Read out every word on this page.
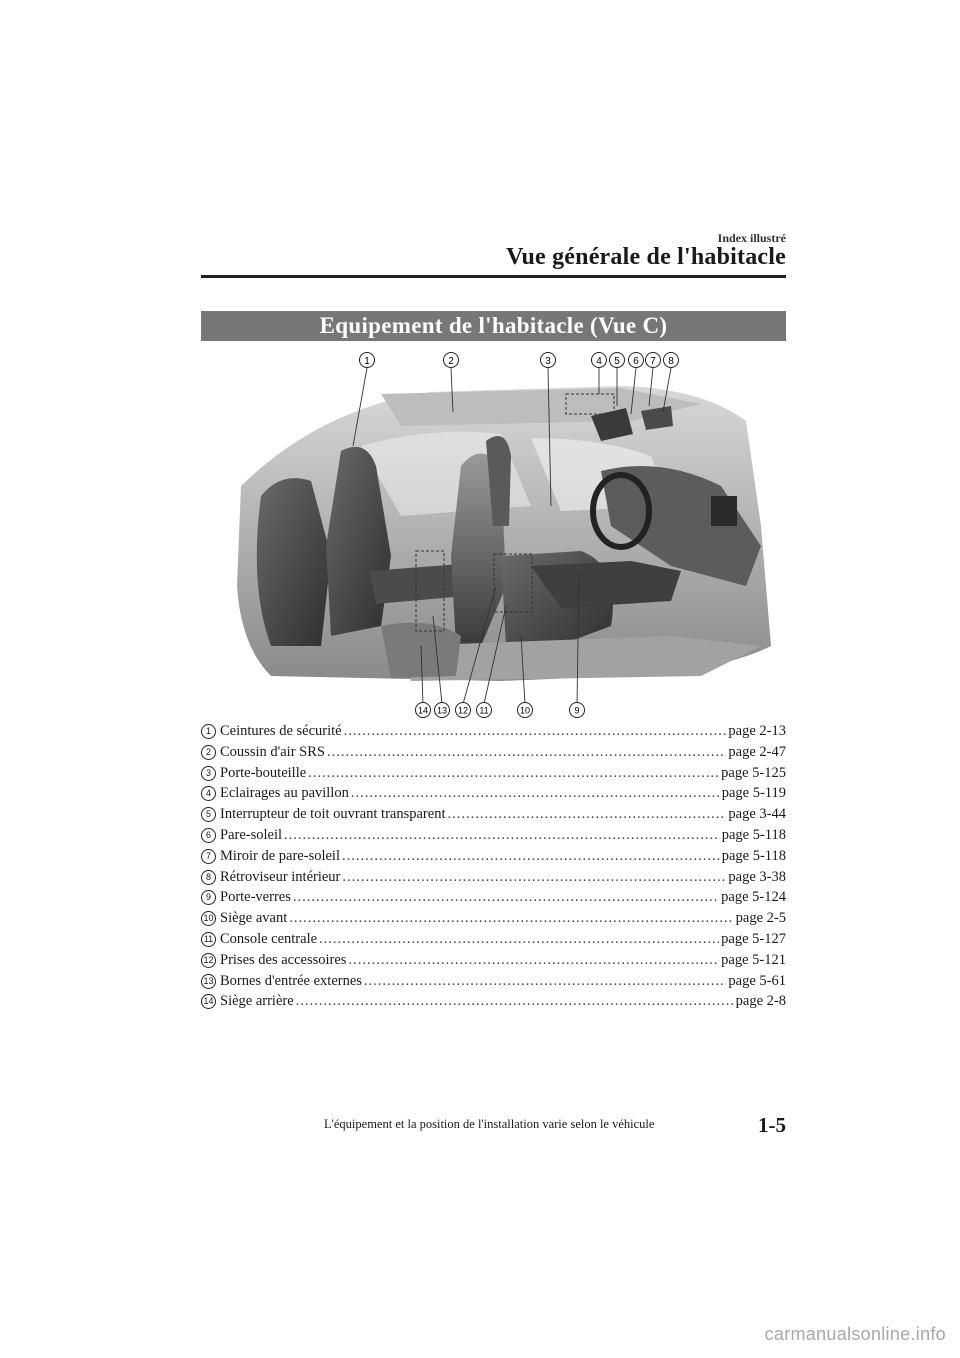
Index illustré
Vue générale de l'habitacle
Equipement de l'habitacle (Vue C)
1	2	3	4 5 6 7 8
14 13 12 11	10	9
1 Ceintures de sécurité .....	page 2-13
2 Coussin d'air SRS .....	page 2-47
3 Porte-bouteille .....	page 5-125
4 Eclairages au pavillon .....	page 5-119
5 Interrupteur de toit ouvrant transparent .....	page 3-44
6 Pare-soleil .....	page 5-118
7 Miroir de pare-soleil .....	page 5-118
8 Rétroviseur intérieur .....	page 3-38
9 Porte-verres .....	page 5-124
10 Siège avant .....	page 2-5
11 Console centrale .....	page 5-127
12 Prises des accessoires .....	page 5-121
13 Bornes d'entrée externes .....	page 5-61
14 Siège arrière .....	page 2-8
L'équipement et la position de l'installation varie selon le véhicule	1-5
carmanualsonline.info
